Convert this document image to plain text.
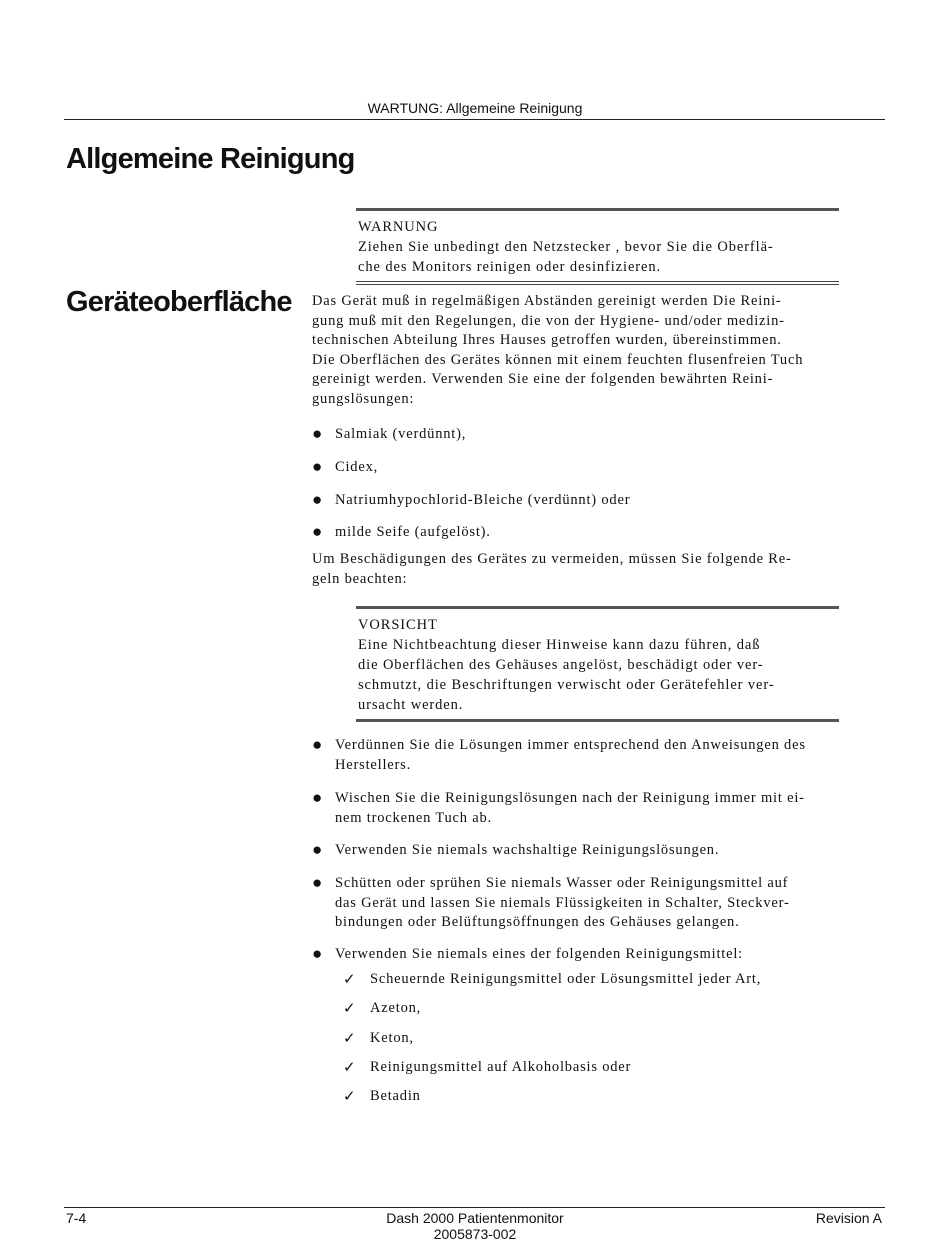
WARTUNG: Allgemeine Reinigung
Allgemeine Reinigung
WARNUNG
Ziehen Sie unbedingt den Netzstecker , bevor Sie die Oberflä-
che des Monitors reinigen oder desinfizieren.
Geräteoberfläche Das Gerät muß in regelmäßigen Abständen gereinigt werden Die Reini-
gung muß mit den Regelungen, die von der Hygiene- und/oder medizin-
technischen Abteilung Ihres Hauses getroffen wurden, übereinstimmen.
Die Oberflächen des Gerätes können mit einem feuchten flusenfreien Tuch
gereinigt werden. Verwenden Sie eine der folgenden bewährten Reini-
gungslösungen:
● Salmiak (verdünnt),
● Cidex,
● Natriumhypochlorid-Bleiche (verdünnt) oder
● milde Seife (aufgelöst).
Um Beschädigungen des Gerätes zu vermeiden, müssen Sie folgende Re-
geln beachten:
VORSICHT
Eine Nichtbeachtung dieser Hinweise kann dazu führen, daß
die Oberflächen des Gehäuses angelöst, beschädigt oder ver-
schmutzt, die Beschriftungen verwischt oder Gerätefehler ver-
ursacht werden.
● Verdünnen Sie die Lösungen immer entsprechend den Anweisungen des
Herstellers.
● Wischen Sie die Reinigungslösungen nach der Reinigung immer mit ei-
nem trockenen Tuch ab.
● Verwenden Sie niemals wachshaltige Reinigungslösungen.
● Schütten oder sprühen Sie niemals Wasser oder Reinigungsmittel auf
das Gerät und lassen Sie niemals Flüssigkeiten in Schalter, Steckver-
bindungen oder Belüftungsöffnungen des Gehäuses gelangen.
● Verwenden Sie niemals eines der folgenden Reinigungsmittel:
✓ Scheuernde Reinigungsmittel oder Lösungsmittel jeder Art,
✓ Azeton,
✓ Keton,
✓ Reinigungsmittel auf Alkoholbasis oder
✓ Betadin
7-4	Dash 2000 Patientenmonitor
2005873-002
Revision A
